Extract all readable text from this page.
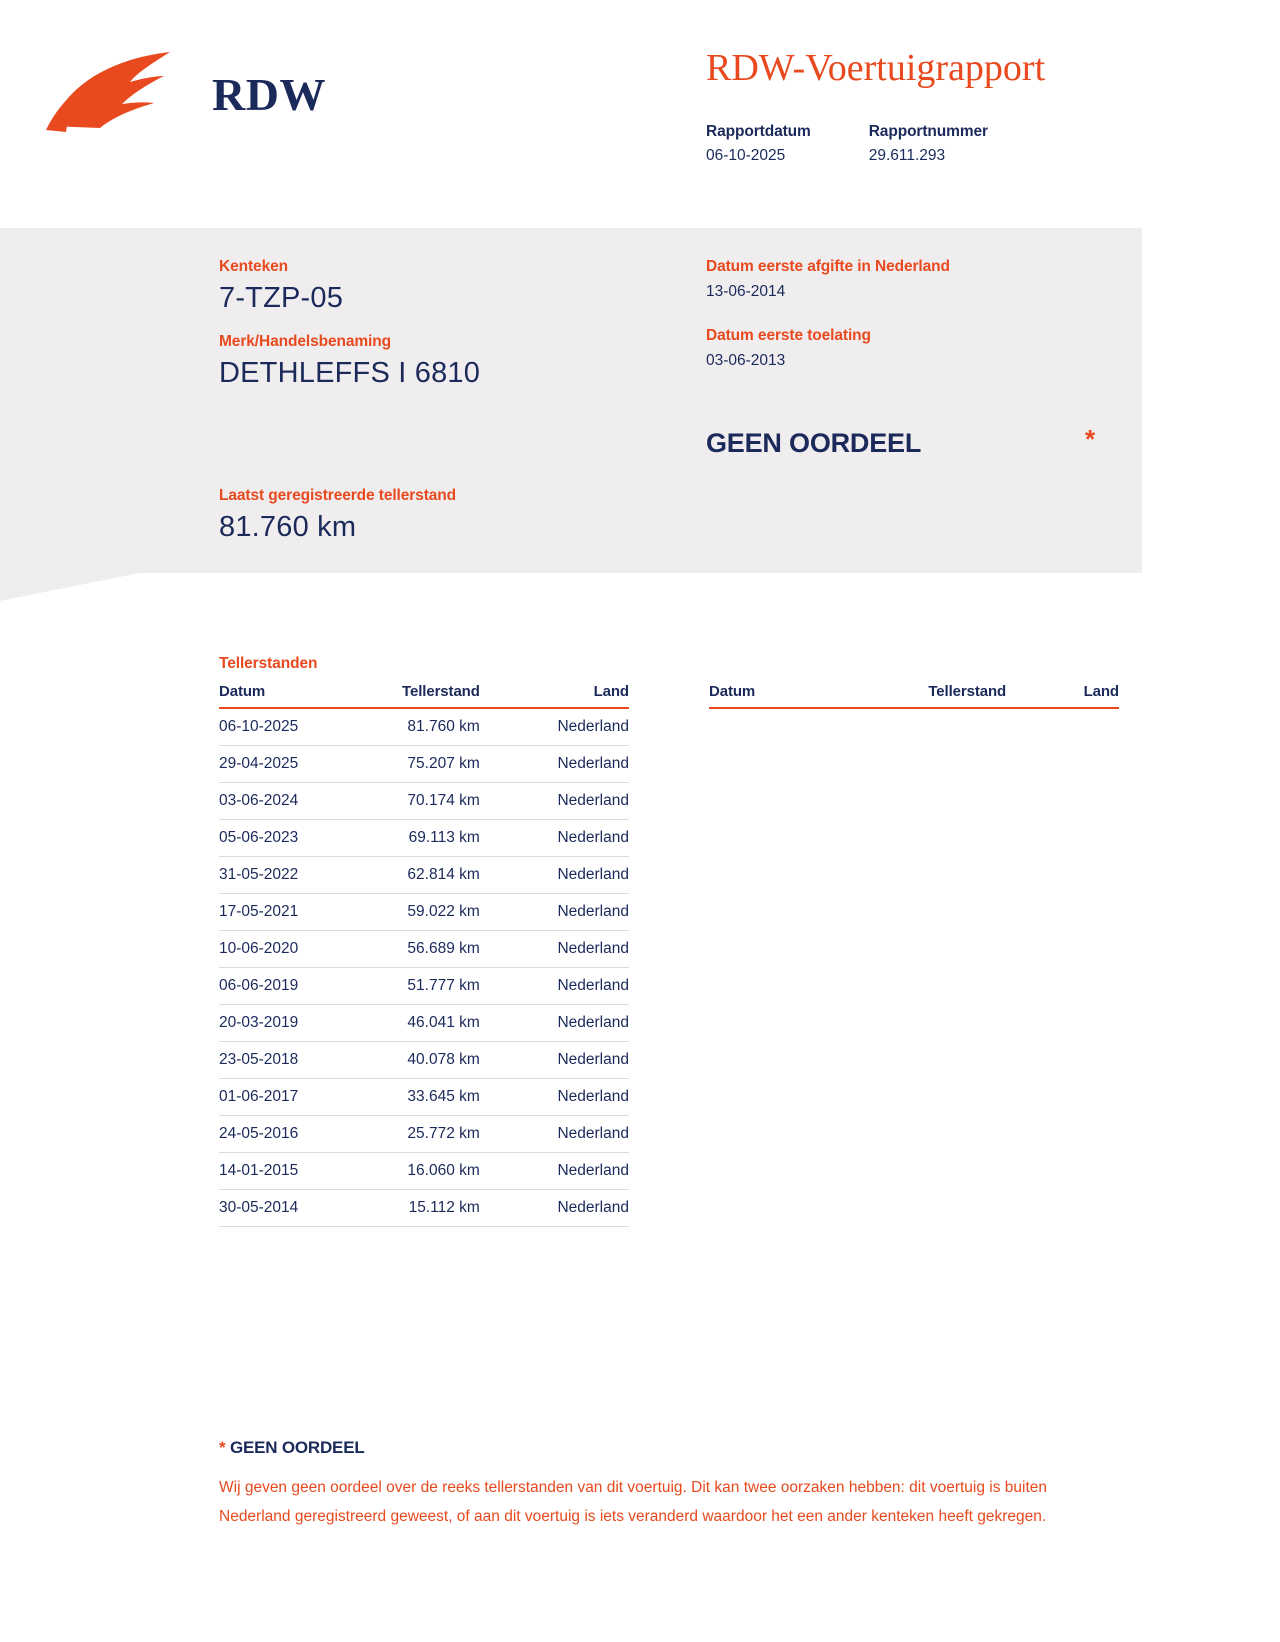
RDW
RDW-Voertuigrapport
Rapportdatum
06-10-2025
Rapportnummer
29.611.293
Kenteken
7-TZP-05
Merk/Handelsbenaming
DETHLEFFS I 6810
Laatst geregistreerde tellerstand
81.760 km
Datum eerste afgifte in Nederland
13-06-2014
Datum eerste toelating
03-06-2013
GEEN OORDEEL	*
Tellerstanden
Datum	Tellerstand	Land
06-10-2025	81.760 km	Nederland
29-04-2025	75.207 km	Nederland
03-06-2024	70.174 km	Nederland
05-06-2023	69.113 km	Nederland
31-05-2022	62.814 km	Nederland
17-05-2021	59.022 km	Nederland
10-06-2020	56.689 km	Nederland
06-06-2019	51.777 km	Nederland
20-03-2019	46.041 km	Nederland
23-05-2018	40.078 km	Nederland
01-06-2017	33.645 km	Nederland
24-05-2016	25.772 km	Nederland
14-01-2015	16.060 km	Nederland
30-05-2014	15.112 km	Nederland
Datum	Tellerstand	Land
* GEEN OORDEEL
Wij geven geen oordeel over de reeks tellerstanden van dit voertuig. Dit kan twee oorzaken hebben: dit voertuig is buiten Nederland geregistreerd geweest, of aan dit voertuig is iets veranderd waardoor het een ander kenteken heeft gekregen.
